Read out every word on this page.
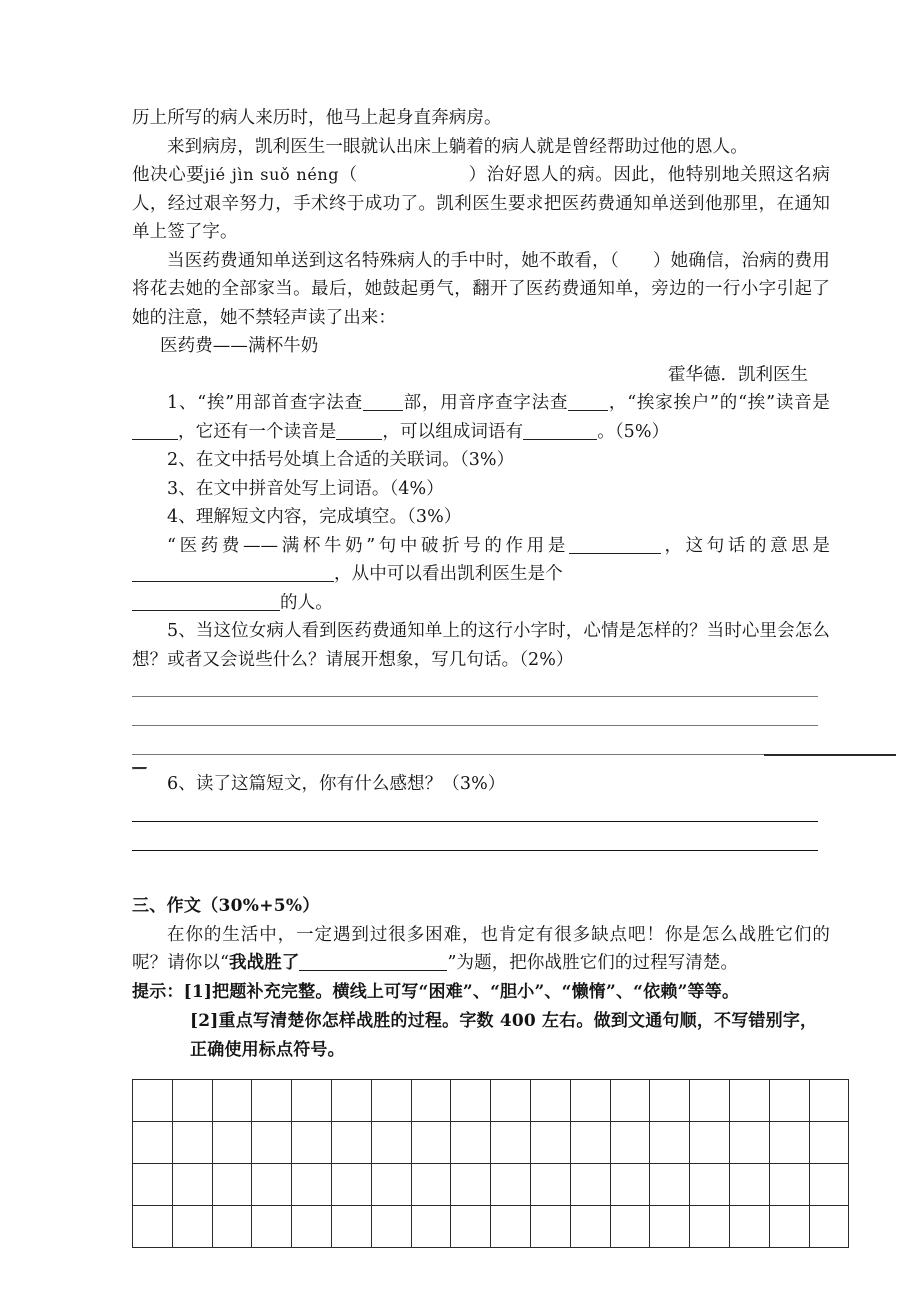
历上所写的病人来历时，他马上起身直奔病房。

来到病房，凯利医生一眼就认出床上躺着的病人就是曾经帮助过他的恩人。

他决心要jié jìn suǒ néng（                  ）治好恩人的病。因此，他特别地关照这名病人，经过艰辛努力，手术终于成功了。凯利医生要求把医药费通知单送到他那里，在通知单上签了字。

当医药费通知单送到这名特殊病人的手中时，她不敢看，（ ）她确信，治病的费用将花去她的全部家当。最后，她鼓起勇气，翻开了医药费通知单，旁边的一行小字引起了她的注意，她不禁轻声读了出来：

医药费——满杯牛奶

霍华德．凯利医生

1、“挨”用部首查字法查 部，用音序查字法查 ，“挨家挨户”的“挨”读音是，它还有一个读音是	，可以组成词语有	。（5%）

2、在文中括号处填上合适的关联词。（3%）

3、在文中拼音处写上词语。（4%）

4、理解短文内容，完成填空。（3%）

“医药费——满杯牛奶”句中破折号的作用是	，这句话的意思是，从中可以看出凯利医生是个

的人。

5、当这位女病人看到医药费通知单上的这行小字时，心情是怎样的？当时心里会怎么想？或者又会说些什么？请展开想象，写几句话。（2%）

6、读了这篇短文，你有什么感想？（3%）

三、作文（30%+5%）

在你的生活中，一定遇到过很多困难，也肯定有很多缺点吧！你是怎么战胜它们的呢？请你以“我战胜了	”为题，把你战胜它们的过程写清楚。

提示：[1]把题补充完整。横线上可写“困难”、“胆小”、“懒惰”、“依赖”等等。

[2]重点写清楚你怎样战胜的过程。字数 400 左右。做到文通句顺，不写错别字，正确使用标点符号。
